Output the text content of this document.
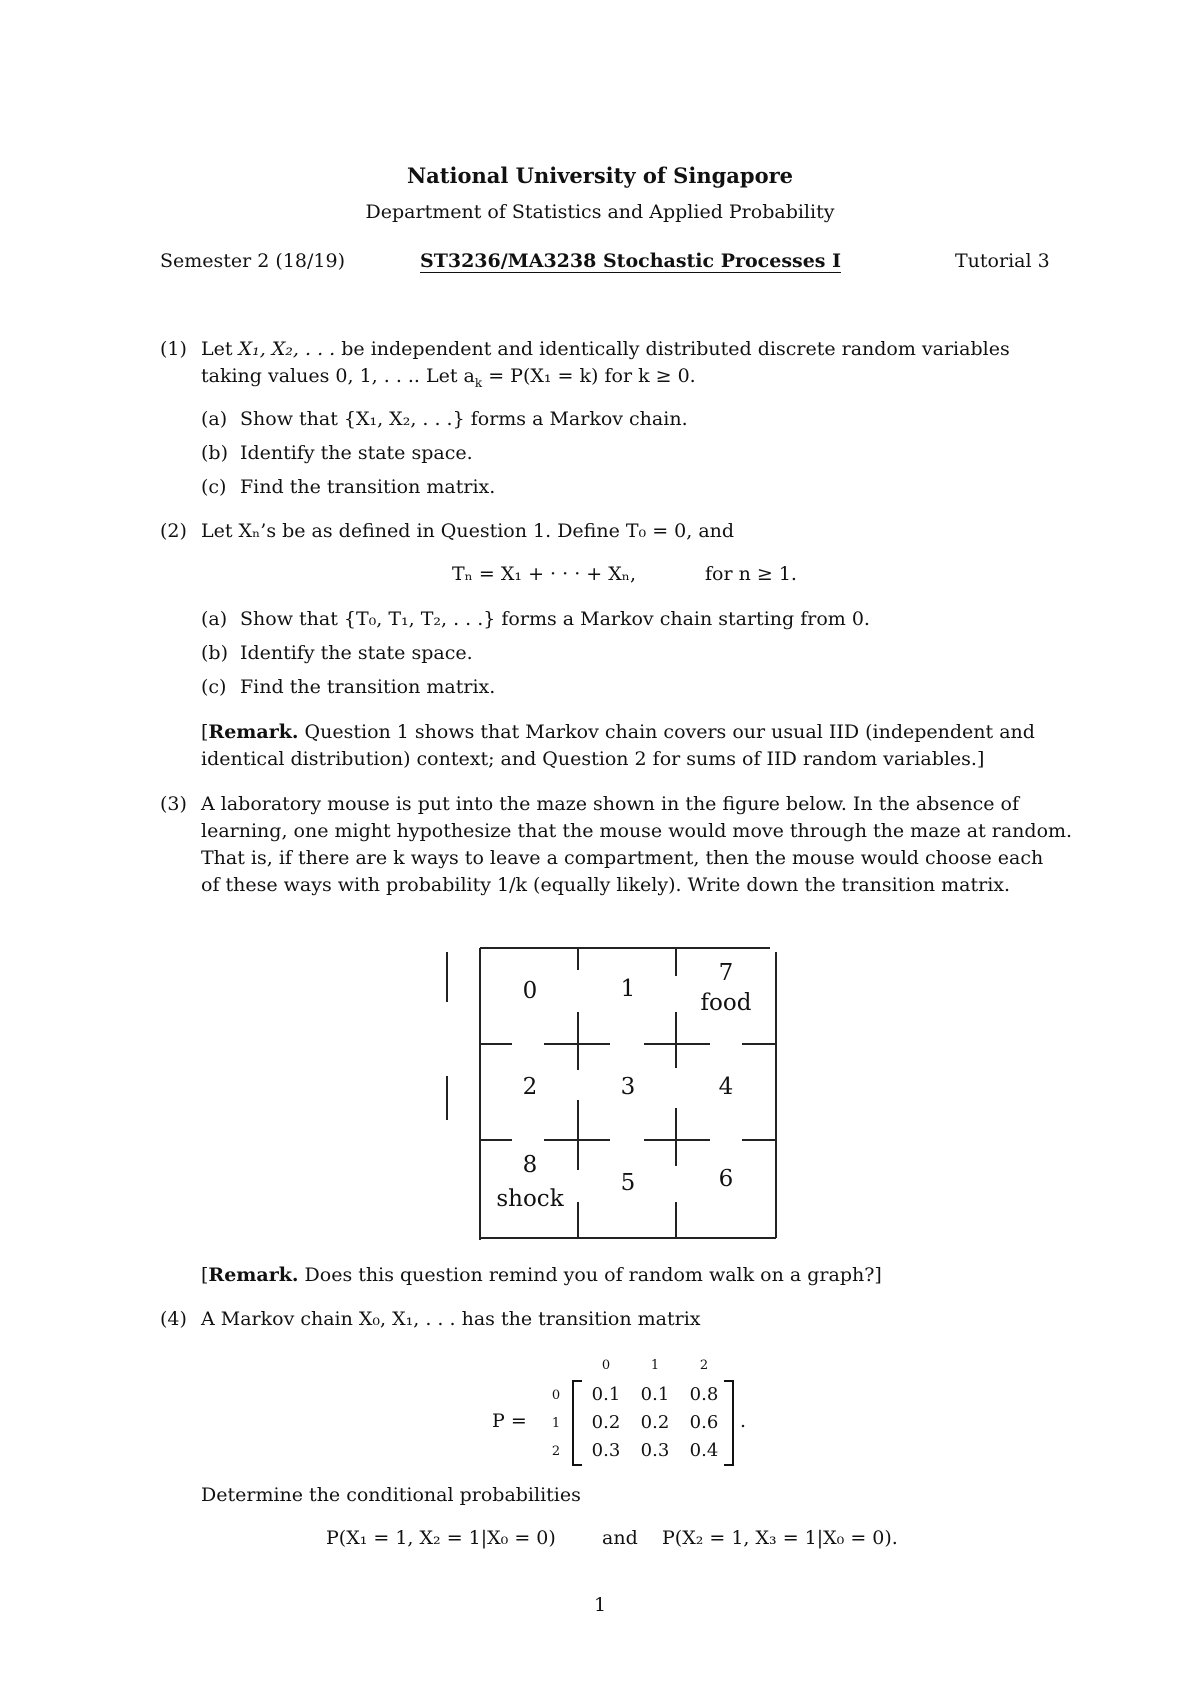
National University of Singapore
Department of Statistics and Applied Probability
Semester 2 (18/19)	ST3236/MA3238 Stochastic Processes I	Tutorial 3
(1) Let X₁, X₂, . . . be independent and identically distributed discrete random variables
taking values 0, 1, . . .. Let $a_k = P(X_1 = k)$ for k ≥ 0.
(a) Show that {X₁, X₂, . . .} forms a Markov chain.
(b) Identify the state space.
(c) Find the transition matrix.
(2) Let Xₙ’s be as defined in Question 1. Define T₀ = 0, and
Tₙ = X₁ + · · · + Xₙ,	for n ≥ 1.
(a) Show that {T₀, T₁, T₂, . . .} forms a Markov chain starting from 0.
(b) Identify the state space.
(c) Find the transition matrix.
[Remark. Question 1 shows that Markov chain covers our usual IID (independent and
identical distribution) context; and Question 2 for sums of IID random variables.]
(3) A laboratory mouse is put into the maze shown in the figure below. In the absence of
learning, one might hypothesize that the mouse would move through the maze at random.
That is, if there are k ways to leave a compartment, then the mouse would choose each
of these ways with probability 1/k (equally likely). Write down the transition matrix.
0	1
7
food
2	3	4
8
shock
5	6
[Remark. Does this question remind you of random walk on a graph?]
(4) A Markov chain X₀, X₁, . . . has the transition matrix
P =
0	1	2
0
1
2
0.1	0.1	0.8
0.2	0.2	0.6
0.3	0.3	0.4
.
Determine the conditional probabilities
P(X₁ = 1, X₂ = 1|X₀ = 0) and P(X₂ = 1, X₃ = 1|X₀ = 0).
1
